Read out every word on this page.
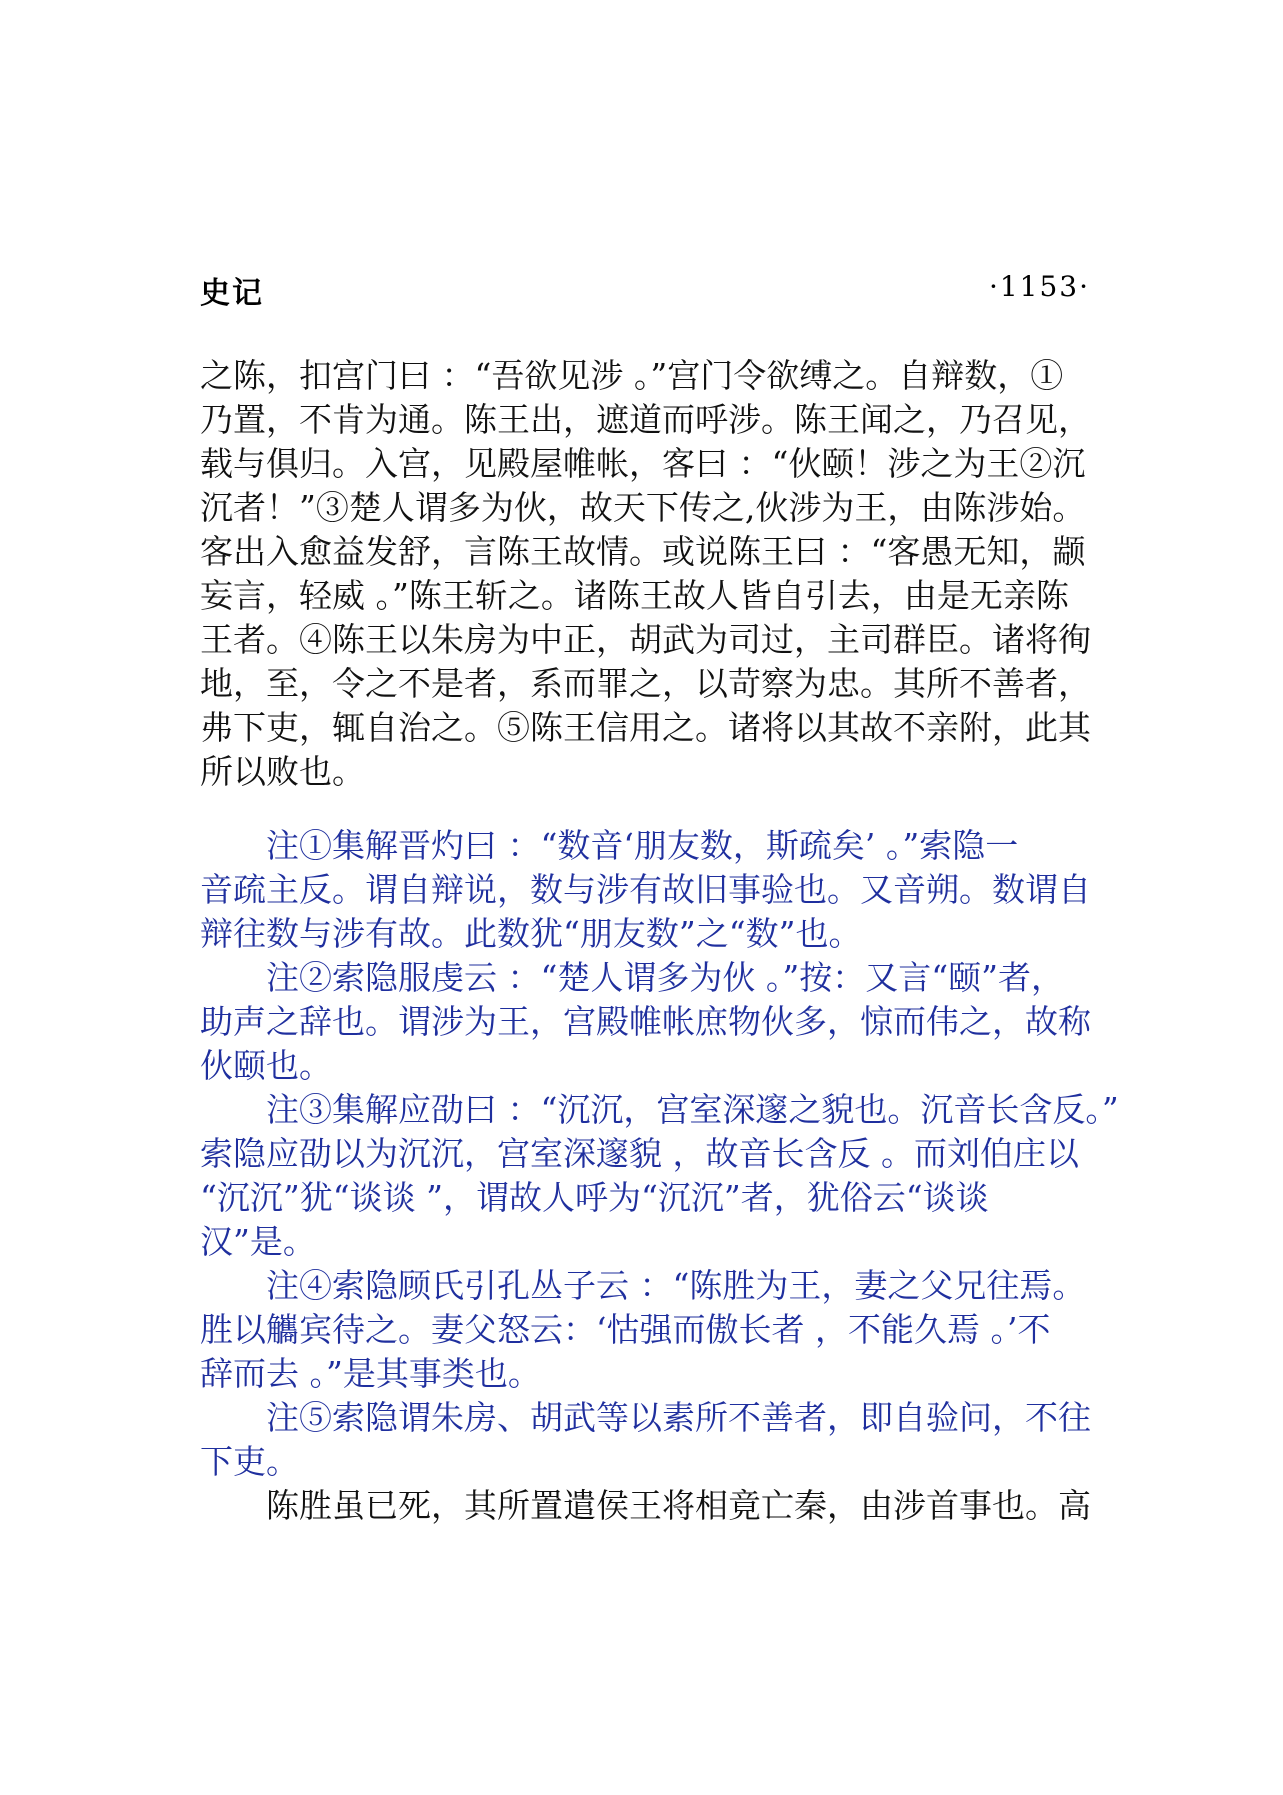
史记	·1153·
之陈，扣宫门曰 ：“吾欲见涉 。”宫门令欲缚之。自辩数，①
乃置，不肯为通。陈王出，遮道而呼涉。陈王闻之，乃召见，
载与俱归。入宫，见殿屋帷帐，客曰 ：“伙颐！涉之为王②沉
沉者！”③楚人谓多为伙，故天下传之,伙涉为王，由陈涉始。
客出入愈益发舒，言陈王故情。或说陈王曰 ：“客愚无知，颛
妄言，轻威 。”陈王斩之。诸陈王故人皆自引去，由是无亲陈
王者。④陈王以朱房为中正，胡武为司过，主司群臣。诸将徇
地，至，令之不是者，系而罪之，以苛察为忠。其所不善者，
弗下吏，辄自治之。⑤陈王信用之。诸将以其故不亲附，此其
所以败也。
注①集解晋灼曰 ：“数音‘朋友数，斯疏矣’ 。”索隐一
音疏主反。谓自辩说，数与涉有故旧事验也。又音朔。数谓自
辩往数与涉有故。此数犹“朋友数”之“数”也。
注②索隐服虔云 ：“楚人谓多为伙 。”按：又言“颐”者，
助声之辞也。谓涉为王，宫殿帷帐庶物伙多，惊而伟之，故称
伙颐也。
注③集解应劭曰 ：“沉沉，宫室深邃之貌也。沉音长含反。”
索隐应劭以为沉沉，宫室深邃貌 ，故音长含反 。而刘伯庄以
“沉沉”犹“谈谈 ”，谓故人呼为“沉沉”者，犹俗云“谈谈
汉”是。
注④索隐顾氏引孔丛子云 ：“陈胜为王，妻之父兄往焉。
胜以觿宾待之。妻父怒云：‘怙强而傲长者 ，不能久焉 。’不
辞而去 。”是其事类也。
注⑤索隐谓朱房、胡武等以素所不善者，即自验问，不往
下吏。
陈胜虽已死，其所置遣侯王将相竟亡秦，由涉首事也。高
